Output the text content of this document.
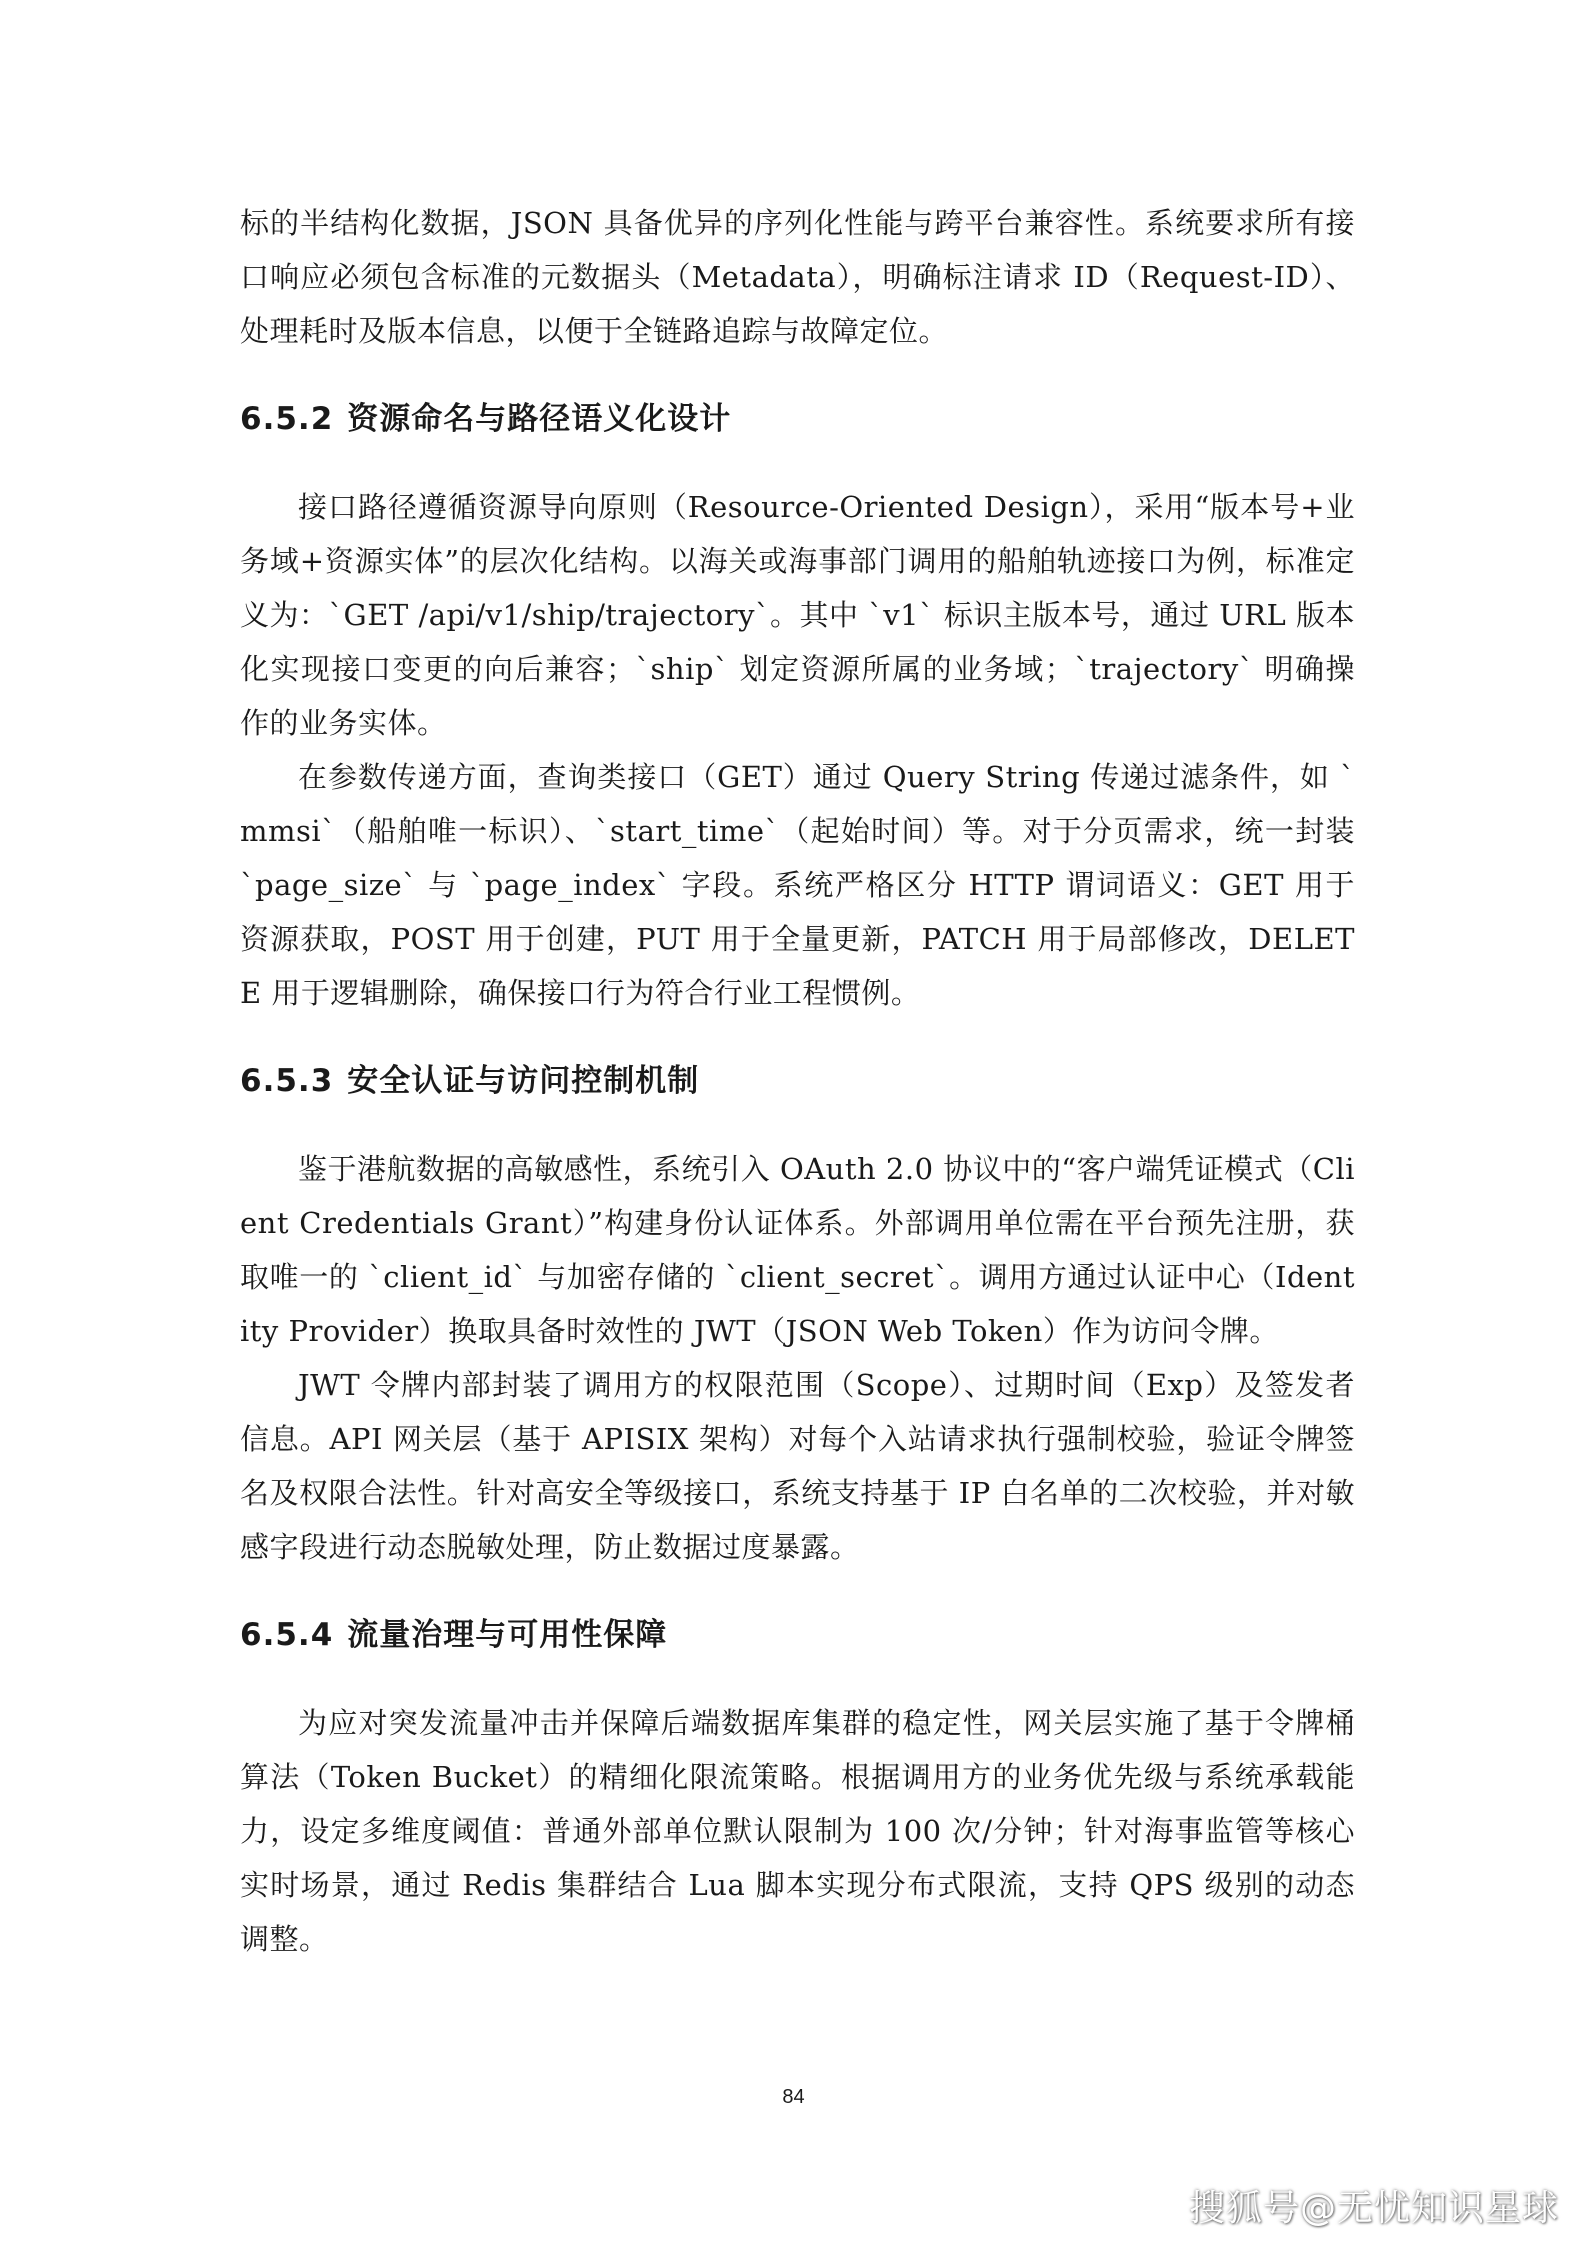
标的半结构化数据，JSON 具备优异的序列化性能与跨平台兼容性。系统要求所有接口响应必须包含标准的元数据头（Metadata），明确标注请求 ID（Request-ID）、处理耗时及版本信息，以便于全链路追踪与故障定位。

6.5.2 资源命名与路径语义化设计

接口路径遵循资源导向原则（Resource-Oriented Design），采用“版本号+业务域+资源实体”的层次化结构。以海关或海事部门调用的船舶轨迹接口为例，标准定义为：`GET /api/v1/ship/trajectory`。其中 `v1` 标识主版本号，通过 URL 版本化实现接口变更的向后兼容；`ship` 划定资源所属的业务域；`trajectory` 明确操作的业务实体。

在参数传递方面，查询类接口（GET）通过 Query String 传递过滤条件，如 `mmsi`（船舶唯一标识）、`start_time`（起始时间）等。对于分页需求，统一封装 `page_size` 与 `page_index` 字段。系统严格区分 HTTP 谓词语义：GET 用于资源获取，POST 用于创建，PUT 用于全量更新，PATCH 用于局部修改，DELETE 用于逻辑删除，确保接口行为符合行业工程惯例。

6.5.3 安全认证与访问控制机制

鉴于港航数据的高敏感性，系统引入 OAuth 2.0 协议中的“客户端凭证模式（Client Credentials Grant）”构建身份认证体系。外部调用单位需在平台预先注册，获取唯一的 `client_id` 与加密存储的 `client_secret`。调用方通过认证中心（Identity Provider）换取具备时效性的 JWT（JSON Web Token）作为访问令牌。

JWT 令牌内部封装了调用方的权限范围（Scope）、过期时间（Exp）及签发者信息。API 网关层（基于 APISIX 架构）对每个入站请求执行强制校验，验证令牌签名及权限合法性。针对高安全等级接口，系统支持基于 IP 白名单的二次校验，并对敏感字段进行动态脱敏处理，防止数据过度暴露。

6.5.4 流量治理与可用性保障

为应对突发流量冲击并保障后端数据库集群的稳定性，网关层实施了基于令牌桶算法（Token Bucket）的精细化限流策略。根据调用方的业务优先级与系统承载能力，设定多维度阈值：普通外部单位默认限制为 100 次/分钟；针对海事监管等核心实时场景，通过 Redis 集群结合 Lua 脚本实现分布式限流，支持 QPS 级别的动态调整。

84
搜狐号@无忧知识星球
